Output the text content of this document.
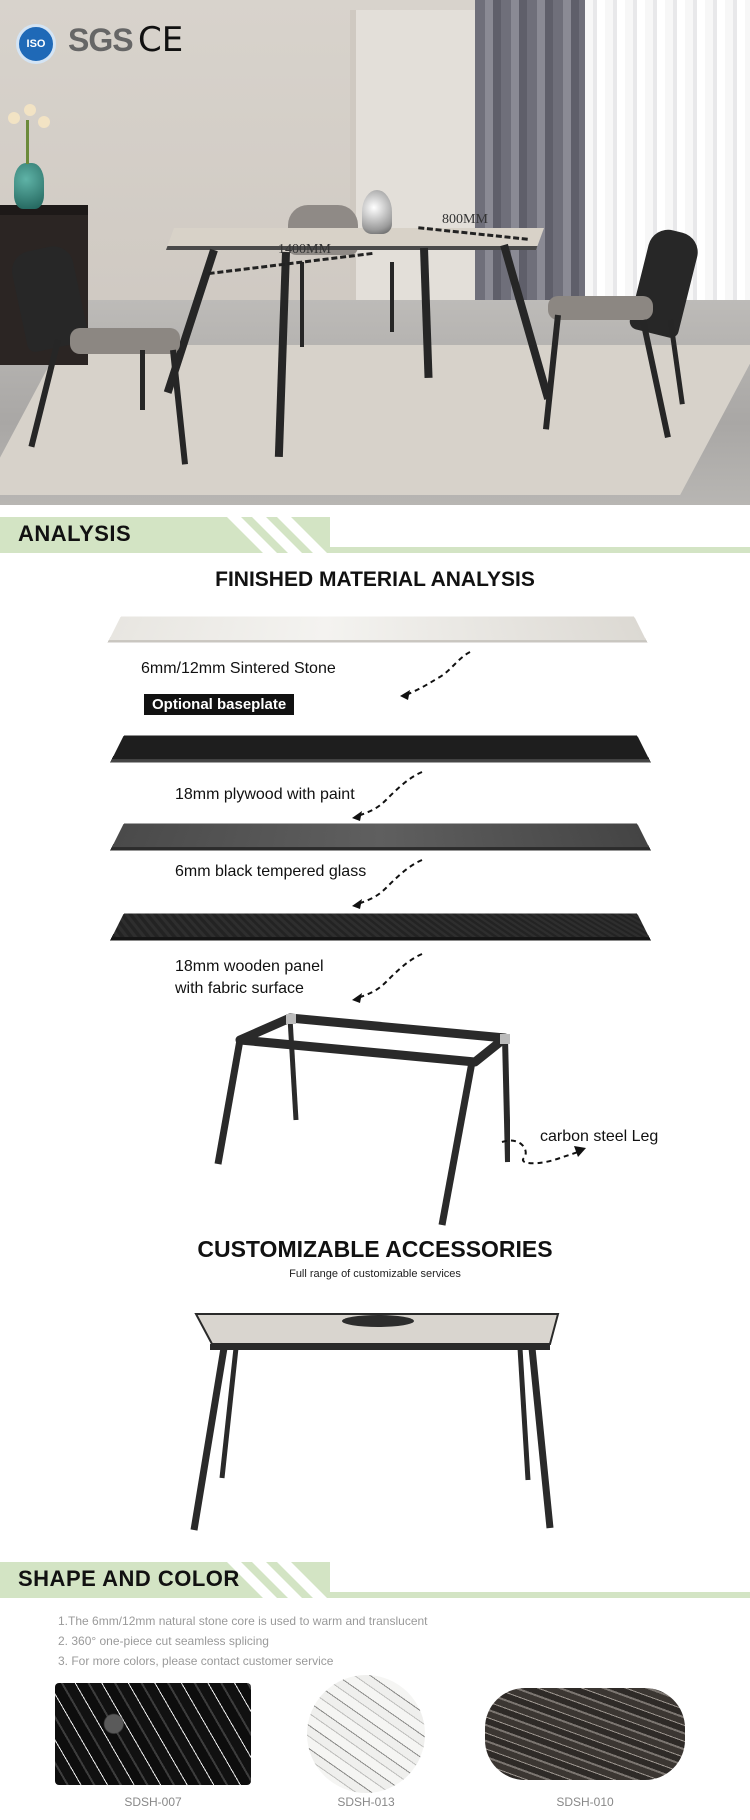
1400MM
800MM
ISO SGS CE
ANALYSIS
FINISHED MATERIAL ANALYSIS
6mm/12mm Sintered Stone
Optional baseplate
18mm plywood with paint
6mm black tempered glass
18mm wooden panel
with fabric surface
carbon steel Leg
CUSTOMIZABLE ACCESSORIES
Full range of customizable services
SHAPE AND COLOR
1.The 6mm/12mm natural stone core is used to warm and translucent
2. 360° one-piece cut seamless splicing
3. For more colors, please contact customer service
SDSH-007	SDSH-013	SDSH-010
